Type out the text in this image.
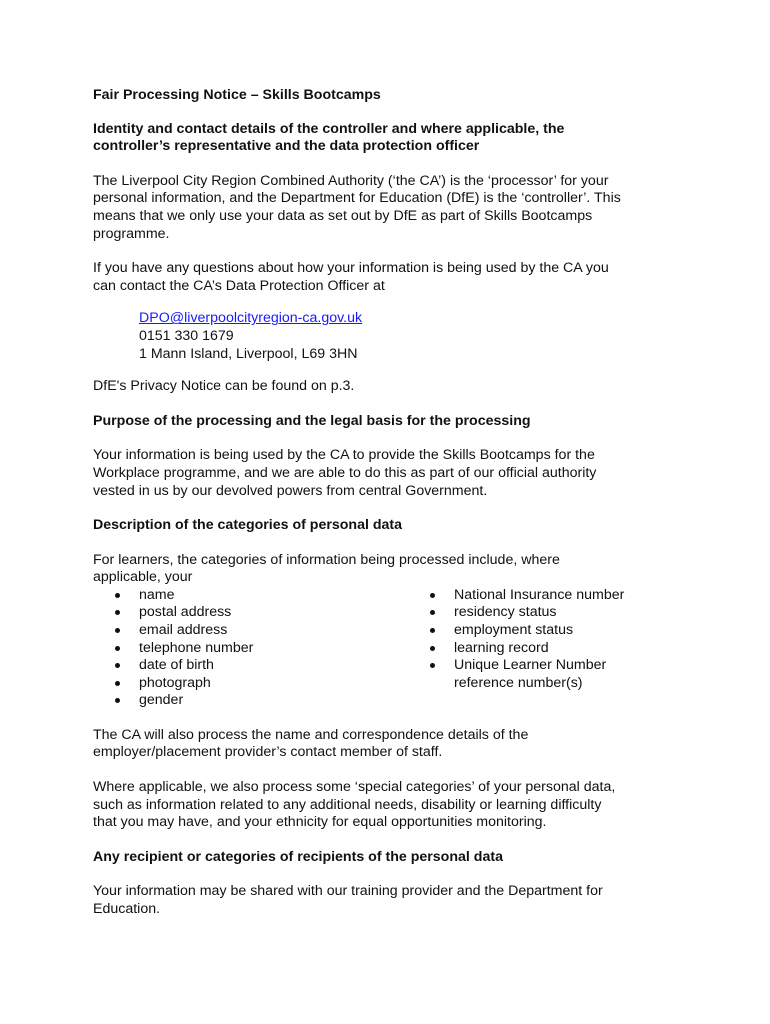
Fair Processing Notice – Skills Bootcamps

Identity and contact details of the controller and where applicable, the
controller’s representative and the data protection officer

The Liverpool City Region Combined Authority (‘the CA’) is the ‘processor’ for your
personal information, and the Department for Education (DfE) is the ‘controller’. This
means that we only use your data as set out by DfE as part of Skills Bootcamps
programme.

If you have any questions about how your information is being used by the CA you
can contact the CA’s Data Protection Officer at

DPO@liverpoolcityregion-ca.gov.uk
0151 330 1679
1 Mann Island, Liverpool, L69 3HN

DfE's Privacy Notice can be found on p.3.

Purpose of the processing and the legal basis for the processing

Your information is being used by the CA to provide the Skills Bootcamps for the
Workplace programme, and we are able to do this as part of our official authority
vested in us by our devolved powers from central Government.

Description of the categories of personal data

For learners, the categories of information being processed include, where
applicable, your

name
postal address
email address
telephone number
date of birth
photograph
gender
National Insurance number
residency status
employment status
learning record
Unique Learner Number
reference number(s)

The CA will also process the name and correspondence details of the
employer/placement provider’s contact member of staff.

Where applicable, we also process some ‘special categories’ of your personal data,
such as information related to any additional needs, disability or learning difficulty
that you may have, and your ethnicity for equal opportunities monitoring.

Any recipient or categories of recipients of the personal data

Your information may be shared with our training provider and the Department for
Education.
